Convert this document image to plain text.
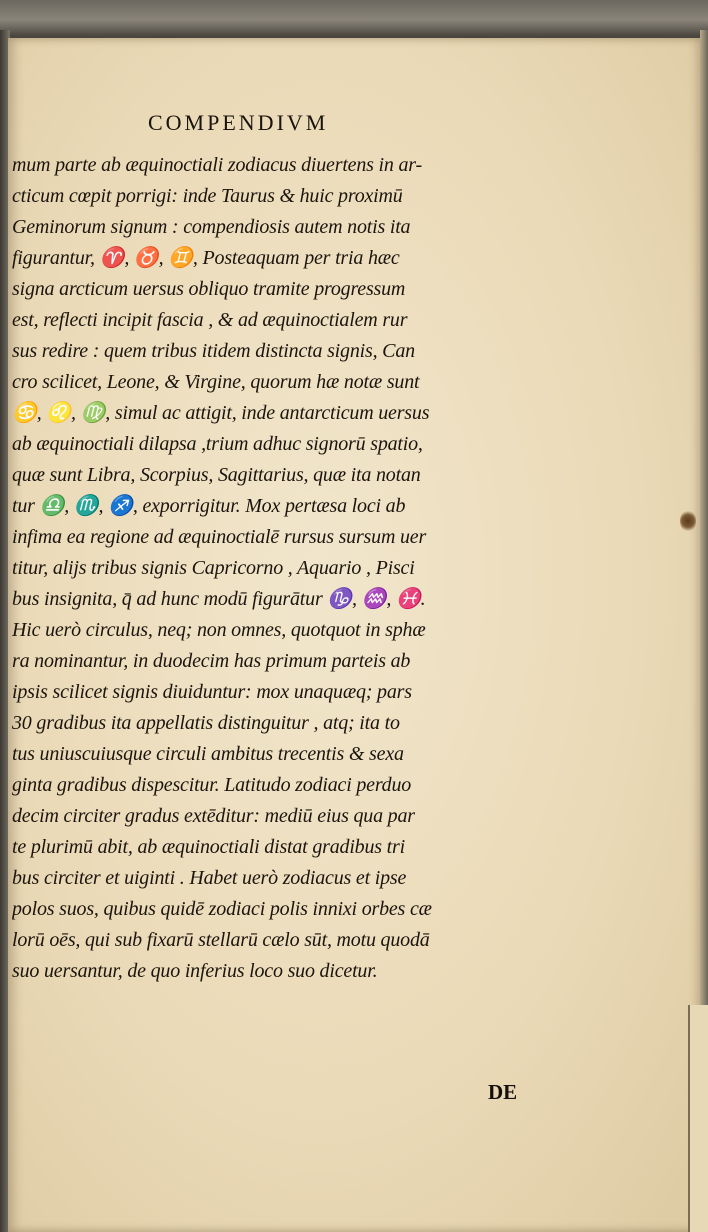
COMPENDIVM
mum parte ab æquinoctiali zodiacus diuertens in ar-
cticum cœpit porrigi: inde Taurus & huic proximū
Geminorum signum : compendiosis autem notis ita
figurantur, ♈, ♉, ♊, Posteaquam per tria hæc
signa arcticum uersus obliquo tramite progressum
est, reflecti incipit fascia , & ad æquinoctialem rur
sus redire : quem tribus itidem distincta signis, Can
cro scilicet, Leone, & Virgine, quorum hæ notæ sunt
♋, ♌, ♍, simul ac attigit, inde antarcticum uersus
ab æquinoctiali dilapsa ,trium adhuc signorū spatio,
quæ sunt Libra, Scorpius, Sagittarius, quæ ita notan
tur ♎, ♏, ♐, exporrigitur. Mox pertæsa loci ab
infima ea regione ad æquinoctialē rursus sursum uer
titur, alijs tribus signis Capricorno , Aquario , Pisci
bus insignita, q̄ ad hunc modū figurātur ♑, ♒, ♓.
Hic uerò circulus, neq; non omnes, quotquot in sphæ
ra nominantur, in duodecim has primum parteis ab
ipsis scilicet signis diuiduntur: mox unaquæq; pars
30 gradibus ita appellatis distinguitur , atq; ita to
tus uniuscuiusque circuli ambitus trecentis & sexa
ginta gradibus dispescitur. Latitudo zodiaci perduo
decim circiter gradus extēditur: mediū eius qua par
te plurimū abit, ab æquinoctiali distat gradibus tri
bus circiter et uiginti . Habet uerò zodiacus et ipse
polos suos, quibus quidē zodiaci polis innixi orbes cæ
lorū oēs, qui sub fixarū stellarū cælo sūt, motu quodā
suo uersantur, de quo inferius loco suo dicetur.
DE
